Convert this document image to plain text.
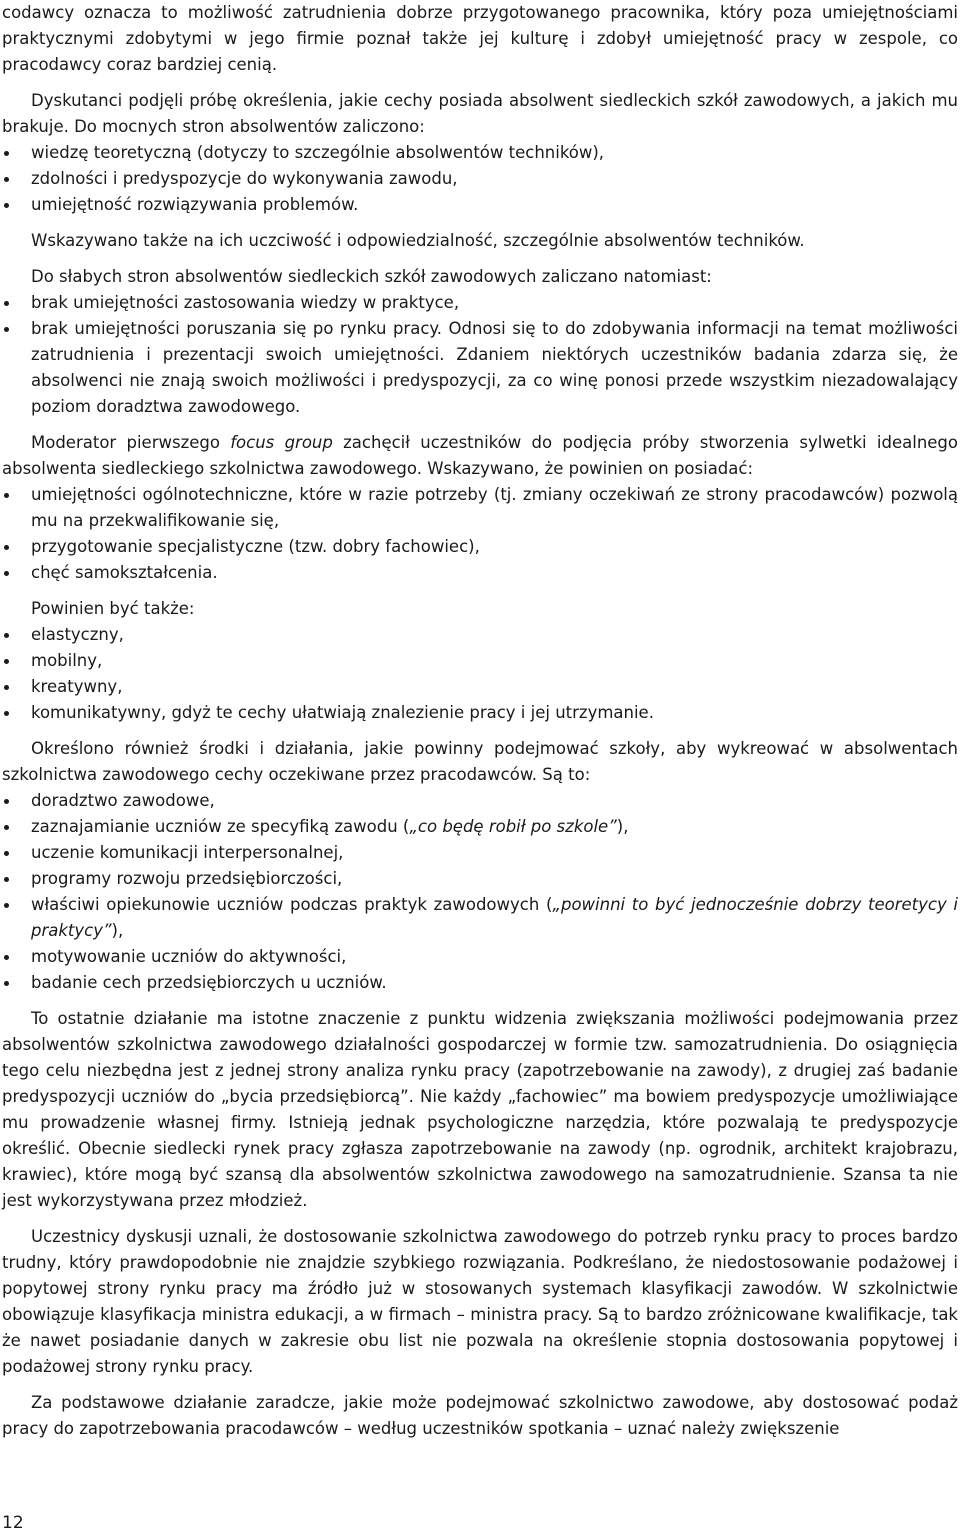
codawcy oznacza to możliwość zatrudnienia dobrze przygotowanego pracownika, który poza umiejętnościami praktycznymi zdobytymi w jego firmie poznał także jej kulturę i zdobył umiejętność pracy w zespole, co pracodawcy coraz bardziej cenią.

Dyskutanci podjęli próbę określenia, jakie cechy posiada absolwent siedleckich szkół zawodowych, a jakich mu brakuje. Do mocnych stron absolwentów zaliczono:

wiedzę teoretyczną (dotyczy to szczególnie absolwentów techników),
zdolności i predyspozycje do wykonywania zawodu,
umiejętność rozwiązywania problemów.

Wskazywano także na ich uczciwość i odpowiedzialność, szczególnie absolwentów techników.

Do słabych stron absolwentów siedleckich szkół zawodowych zaliczano natomiast:

brak umiejętności zastosowania wiedzy w praktyce,
brak umiejętności poruszania się po rynku pracy. Odnosi się to do zdobywania informacji na temat możliwości zatrudnienia i prezentacji swoich umiejętności. Zdaniem niektórych uczestników badania zdarza się, że absolwenci nie znają swoich możliwości i predyspozycji, za co winę ponosi przede wszystkim niezadowalający poziom doradztwa zawodowego.

Moderator pierwszego focus group zachęcił uczestników do podjęcia próby stworzenia sylwetki idealnego absolwenta siedleckiego szkolnictwa zawodowego. Wskazywano, że powinien on posiadać:

umiejętności ogólnotechniczne, które w razie potrzeby (tj. zmiany oczekiwań ze strony pracodawców) pozwolą mu na przekwalifikowanie się,
przygotowanie specjalistyczne (tzw. dobry fachowiec),
chęć samokształcenia.

Powinien być także:

elastyczny,
mobilny,
kreatywny,
komunikatywny, gdyż te cechy ułatwiają znalezienie pracy i jej utrzymanie.

Określono również środki i działania, jakie powinny podejmować szkoły, aby wykreować w absolwentach szkolnictwa zawodowego cechy oczekiwane przez pracodawców. Są to:

doradztwo zawodowe,
zaznajamianie uczniów ze specyfiką zawodu („co będę robił po szkole”),
uczenie komunikacji interpersonalnej,
programy rozwoju przedsiębiorczości,
właściwi opiekunowie uczniów podczas praktyk zawodowych („powinni to być jednocześnie dobrzy teoretycy i praktycy”),
motywowanie uczniów do aktywności,
badanie cech przedsiębiorczych u uczniów.

To ostatnie działanie ma istotne znaczenie z punktu widzenia zwiększania możliwości podejmowania przez absolwentów szkolnictwa zawodowego działalności gospodarczej w formie tzw. samozatrudnienia. Do osiągnięcia tego celu niezbędna jest z jednej strony analiza rynku pracy (zapotrzebowanie na zawody), z drugiej zaś badanie predyspozycji uczniów do „bycia przedsiębiorcą”. Nie każdy „fachowiec” ma bowiem predyspozycje umożliwiające mu prowadzenie własnej firmy. Istnieją jednak psychologiczne narzędzia, które pozwalają te predyspozycje określić. Obecnie siedlecki rynek pracy zgłasza zapotrzebowanie na zawody (np. ogrodnik, architekt krajobrazu, krawiec), które mogą być szansą dla absolwentów szkolnictwa zawodowego na samozatrudnienie. Szansa ta nie jest wykorzystywana przez młodzież.

Uczestnicy dyskusji uznali, że dostosowanie szkolnictwa zawodowego do potrzeb rynku pracy to proces bardzo trudny, który prawdopodobnie nie znajdzie szybkiego rozwiązania. Podkreślano, że niedostosowanie podażowej i popytowej strony rynku pracy ma źródło już w stosowanych systemach klasyfikacji zawodów. W szkolnictwie obowiązuje klasyfikacja ministra edukacji, a w firmach – ministra pracy. Są to bardzo zróżnicowane kwalifikacje, tak że nawet posiadanie danych w zakresie obu list nie pozwala na określenie stopnia dostosowania popytowej i podażowej strony rynku pracy.

Za podstawowe działanie zaradcze, jakie może podejmować szkolnictwo zawodowe, aby dostosować podaż pracy do zapotrzebowania pracodawców – według uczestników spotkania – uznać należy zwiększenie

12
